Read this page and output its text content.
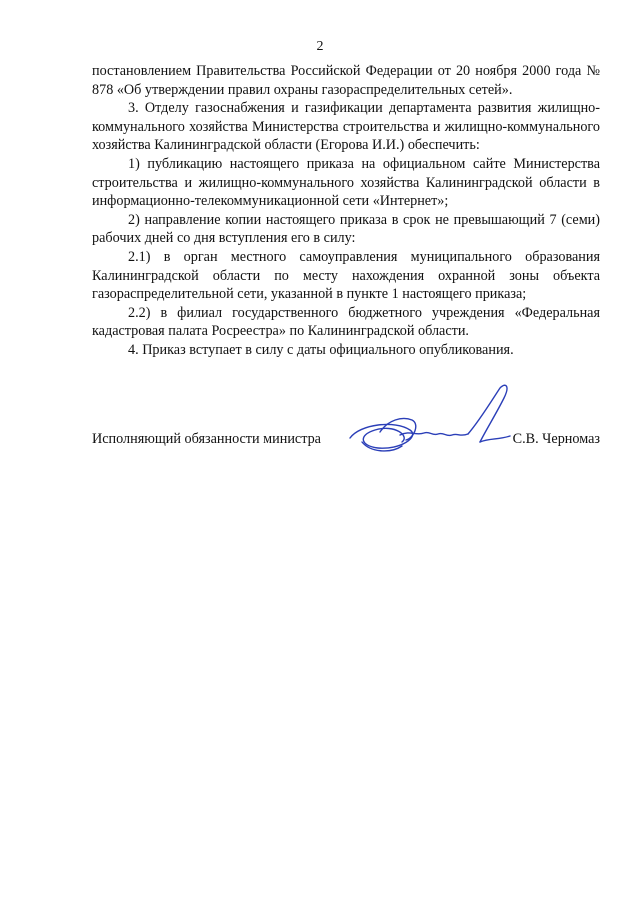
2

постановлением Правительства Российской Федерации от 20 ноября 2000 года № 878 «Об утверждении правил охраны газораспределительных сетей».

3. Отделу газоснабжения и газификации департамента развития жилищно-коммунального хозяйства Министерства строительства и жилищно-коммунального хозяйства Калининградской области (Егорова И.И.) обеспечить:

1) публикацию настоящего приказа на официальном сайте Министерства строительства и жилищно-коммунального хозяйства Калининградской области в информационно-телекоммуникационной сети «Интернет»;

2) направление копии настоящего приказа в срок не превышающий 7 (семи) рабочих дней со дня вступления его в силу:

2.1) в орган местного самоуправления муниципального образования Калининградской области по месту нахождения охранной зоны объекта газораспределительной сети, указанной в пункте 1 настоящего приказа;

2.2) в филиал государственного бюджетного учреждения «Федеральная кадастровая палата Росреестра» по Калининградской области.

4. Приказ вступает в силу с даты официального опубликования.

Исполняющий обязанности министра	С.В. Черномаз
